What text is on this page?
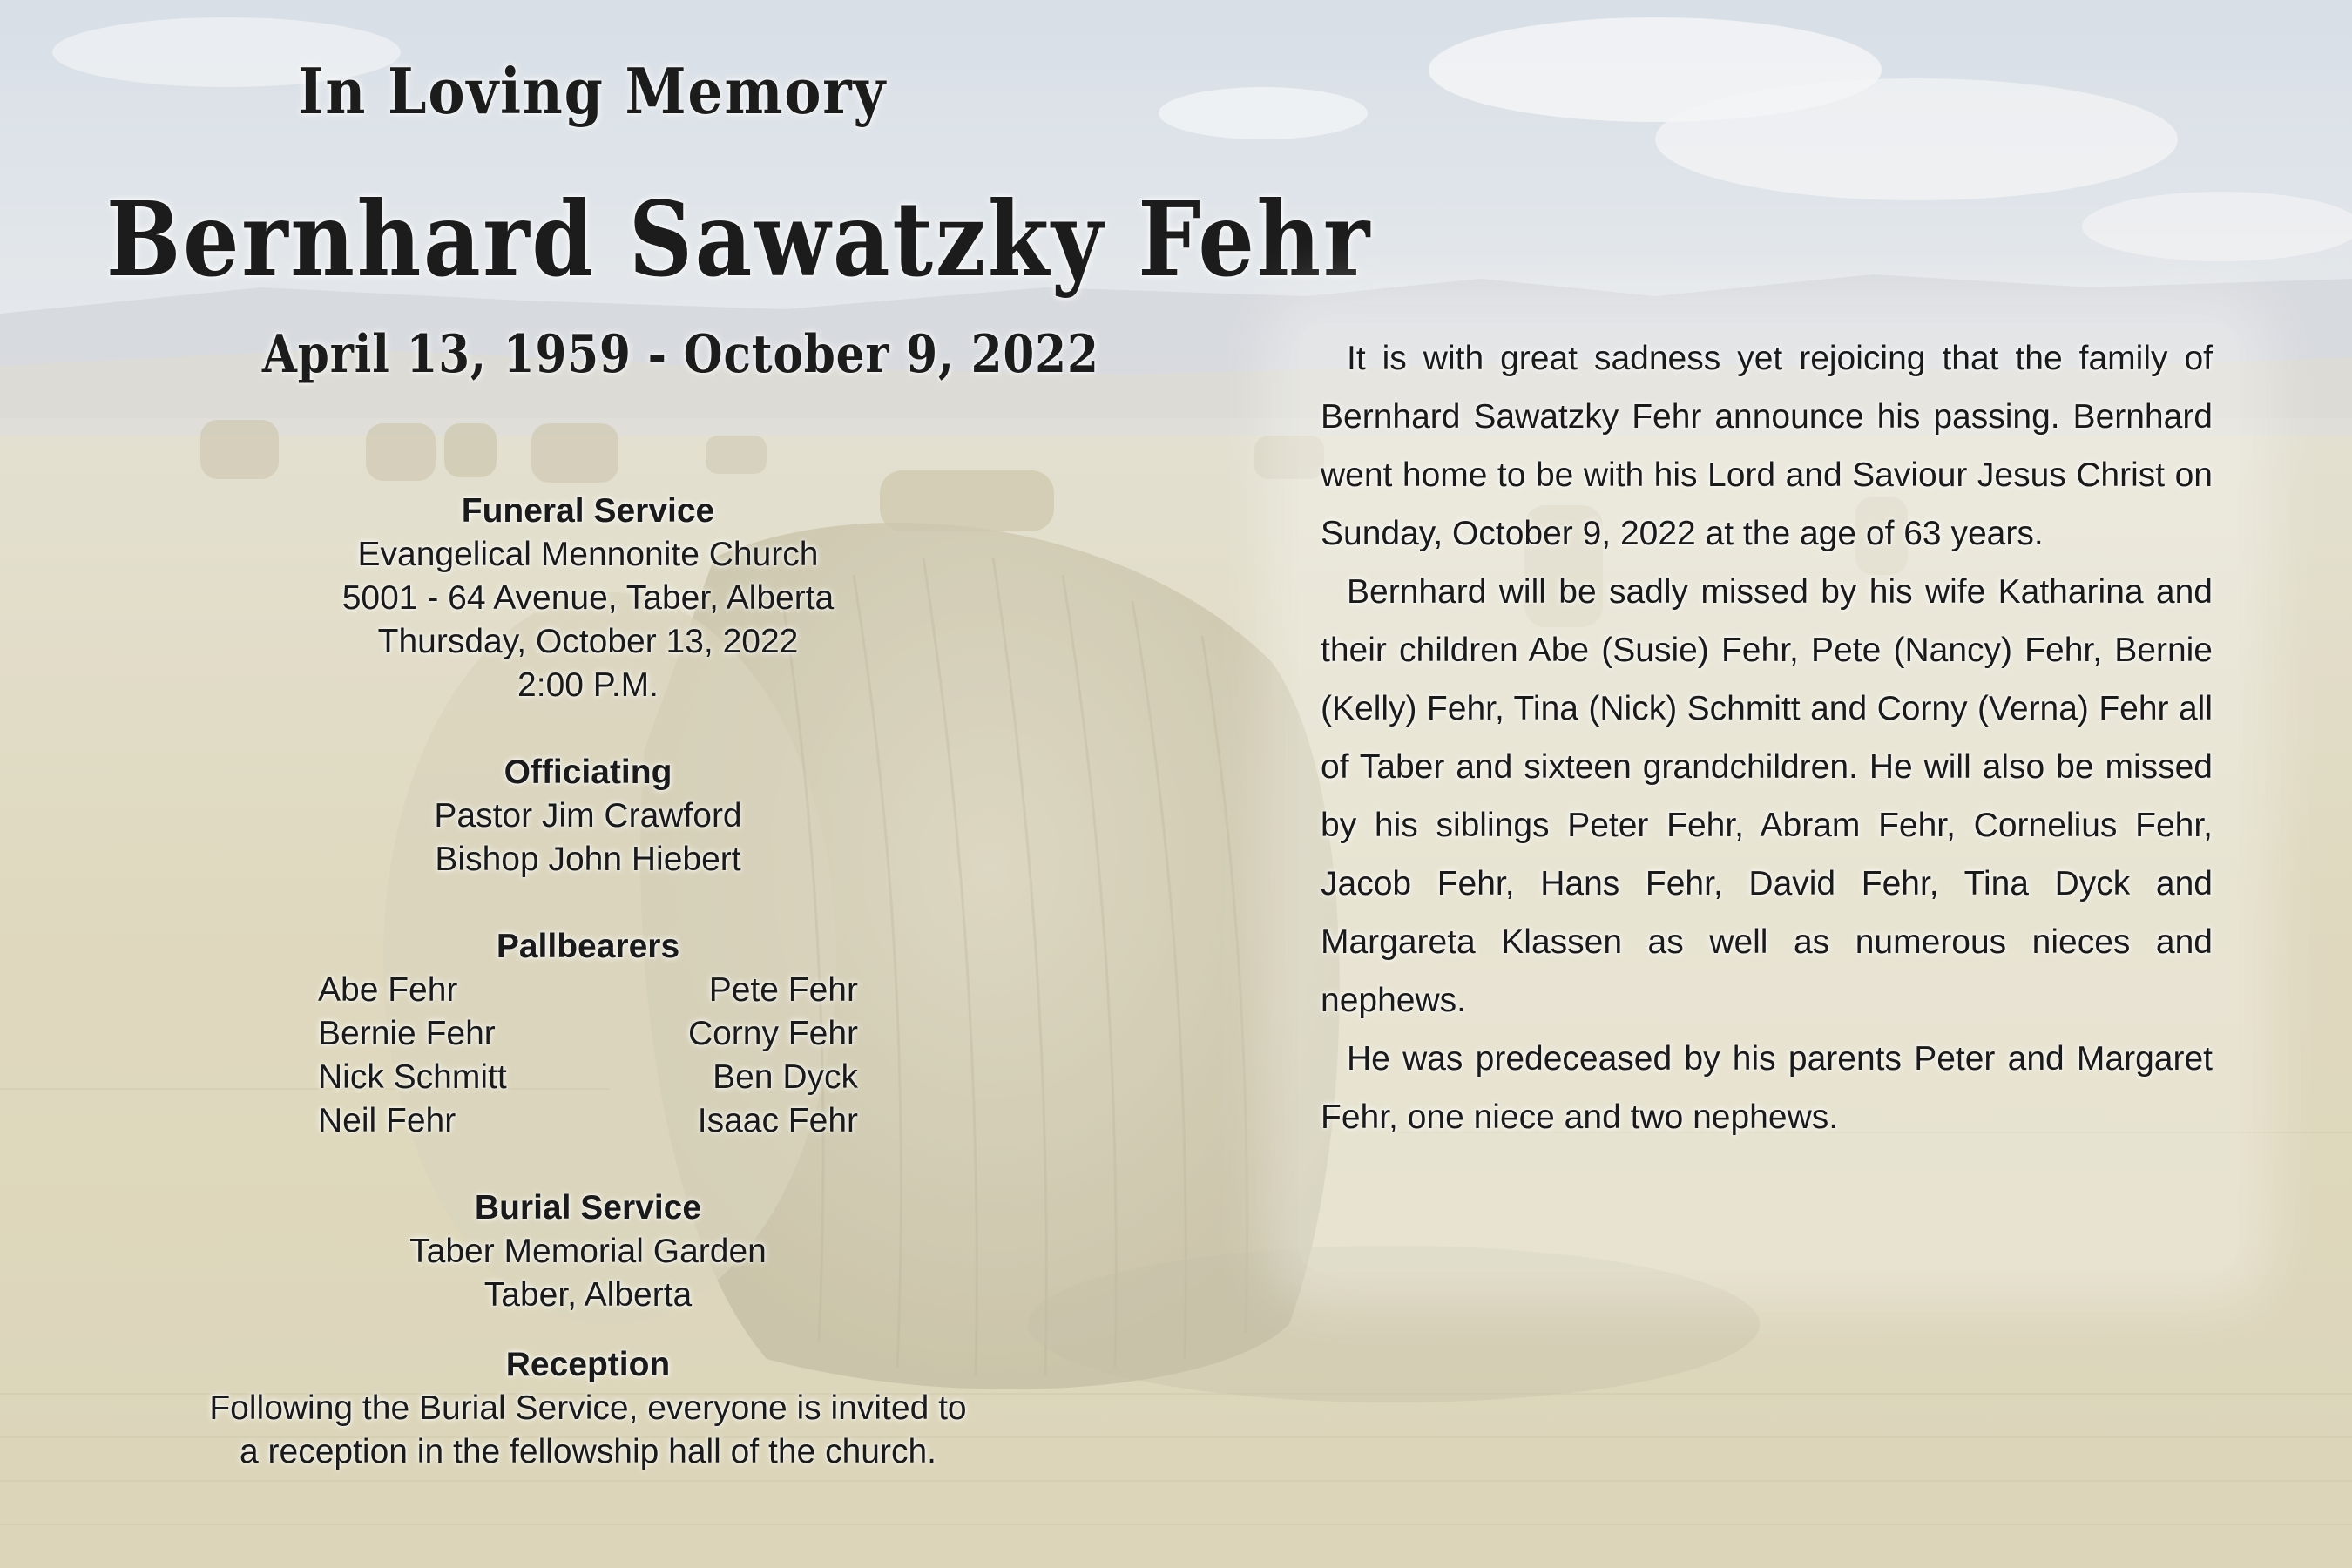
In Loving Memory
Bernhard Sawatzky Fehr
April 13, 1959 - October 9, 2022
Funeral Service
Evangelical Mennonite Church
5001 - 64 Avenue, Taber, Alberta
Thursday, October 13, 2022
2:00 P.M.
Officiating
Pastor Jim Crawford
Bishop John Hiebert
Pallbearers
Abe Fehr	Pete Fehr
Bernie Fehr	Corny Fehr
Nick Schmitt	Ben Dyck
Neil Fehr	Isaac Fehr
Burial Service
Taber Memorial Garden
Taber, Alberta
Reception
Following the Burial Service, everyone is invited to
a reception in the fellowship hall of the church.

It is with great sadness yet rejoicing that the family of Bernhard Sawatzky Fehr announce his passing. Bernhard went home to be with his Lord and Saviour Jesus Christ on Sunday, October 9, 2022 at the age of 63 years.

Bernhard will be sadly missed by his wife Katharina and their children Abe (Susie) Fehr, Pete (Nancy) Fehr, Bernie (Kelly) Fehr, Tina (Nick) Schmitt and Corny (Verna) Fehr all of Taber and sixteen grandchildren. He will also be missed by his siblings Peter Fehr, Abram Fehr, Cornelius Fehr, Jacob Fehr, Hans Fehr, David Fehr, Tina Dyck and Margareta Klassen as well as numerous nieces and nephews.

He was predeceased by his parents Peter and Margaret Fehr, one niece and two nephews.
